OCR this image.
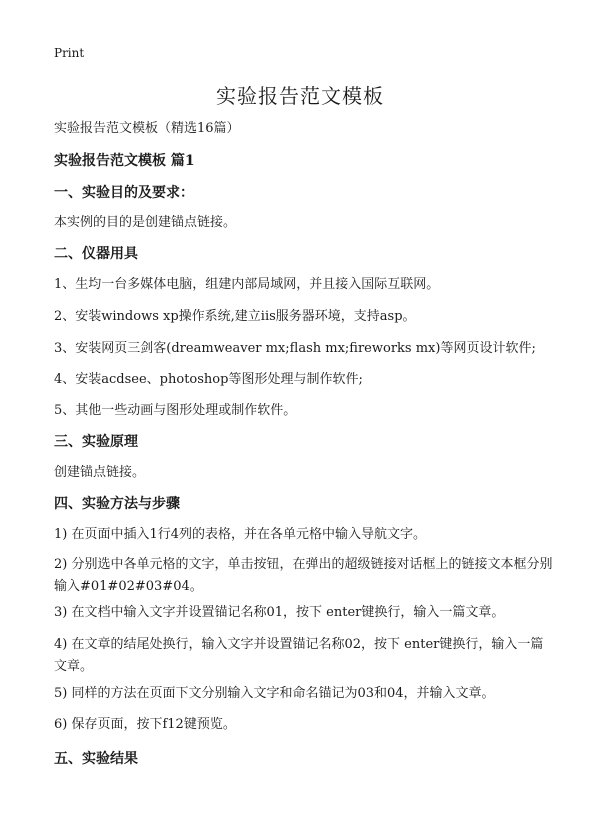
Print
实验报告范文模板
实验报告范文模板（精选16篇）
实验报告范文模板 篇1
一、实验目的及要求：
本实例的目的是创建锚点链接。
二、仪器用具
1、生均一台多媒体电脑，组建内部局域网，并且接入国际互联网。
2、安装windows xp操作系统,建立iis服务器环境，支持asp。
3、安装网页三剑客(dreamweaver mx;flash mx;fireworks mx)等网页设计软件;
4、安装acdsee、photoshop等图形处理与制作软件;
5、其他一些动画与图形处理或制作软件。
三、实验原理
创建锚点链接。
四、实验方法与步骤
1) 在页面中插入1行4列的表格，并在各单元格中输入导航文字。
2) 分别选中各单元格的文字，单击按钮，在弹出的超级链接对话框上的链接文本框分别输入#01#02#03#04。
3) 在文档中输入文字并设置锚记名称01，按下 enter键换行，输入一篇文章。
4) 在文章的结尾处换行，输入文字并设置锚记名称02，按下 enter键换行，输入一篇文章。
5) 同样的方法在页面下文分别输入文字和命名锚记为03和04，并输入文章。
6) 保存页面，按下f12键预览。
五、实验结果
